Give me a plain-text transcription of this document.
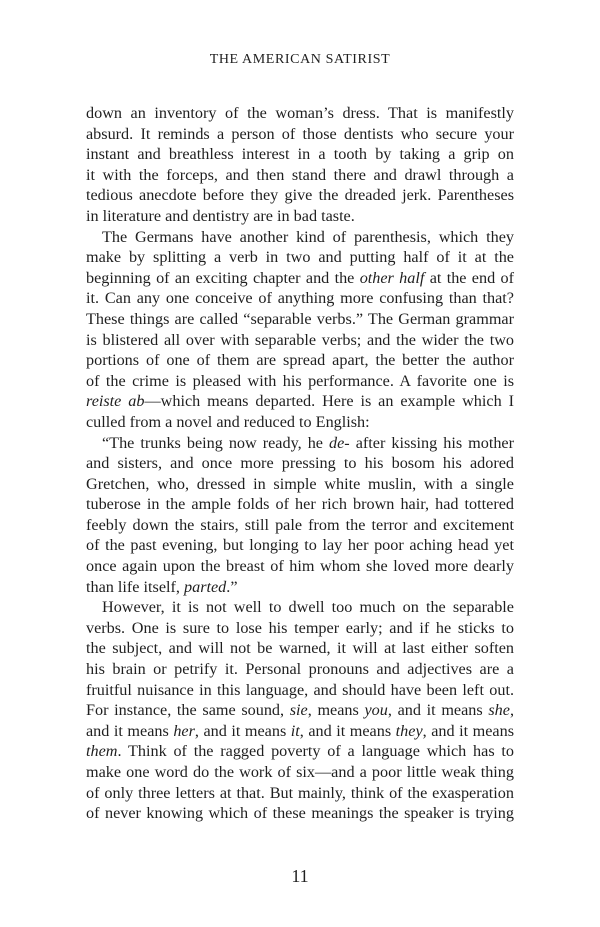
THE AMERICAN SATIRIST
down an inventory of the woman’s dress. That is manifestly
absurd. It reminds a person of those dentists who secure your
instant and breathless interest in a tooth by taking a grip on
it with the forceps, and then stand there and drawl through a
tedious anecdote before they give the dreaded jerk. Parentheses
in literature and dentistry are in bad taste.
The Germans have another kind of parenthesis, which they
make by splitting a verb in two and putting half of it at the
beginning of an exciting chapter and the other half at the end of
it. Can any one conceive of anything more confusing than that?
These things are called “separable verbs.” The German grammar
is blistered all over with separable verbs; and the wider the two
portions of one of them are spread apart, the better the author
of the crime is pleased with his performance. A favorite one is
reiste ab—which means departed. Here is an example which I
culled from a novel and reduced to English:
“The trunks being now ready, he de- after kissing his mother
and sisters, and once more pressing to his bosom his adored
Gretchen, who, dressed in simple white muslin, with a single
tuberose in the ample folds of her rich brown hair, had tottered
feebly down the stairs, still pale from the terror and excitement
of the past evening, but longing to lay her poor aching head yet
once again upon the breast of him whom she loved more dearly
than life itself, parted.”
However, it is not well to dwell too much on the separable
verbs. One is sure to lose his temper early; and if he sticks to
the subject, and will not be warned, it will at last either soften
his brain or petrify it. Personal pronouns and adjectives are a
fruitful nuisance in this language, and should have been left out.
For instance, the same sound, sie, means you, and it means she,
and it means her, and it means it, and it means they, and it means
them. Think of the ragged poverty of a language which has to
make one word do the work of six—and a poor little weak thing
of only three letters at that. But mainly, think of the exasperation
of never knowing which of these meanings the speaker is trying
11
